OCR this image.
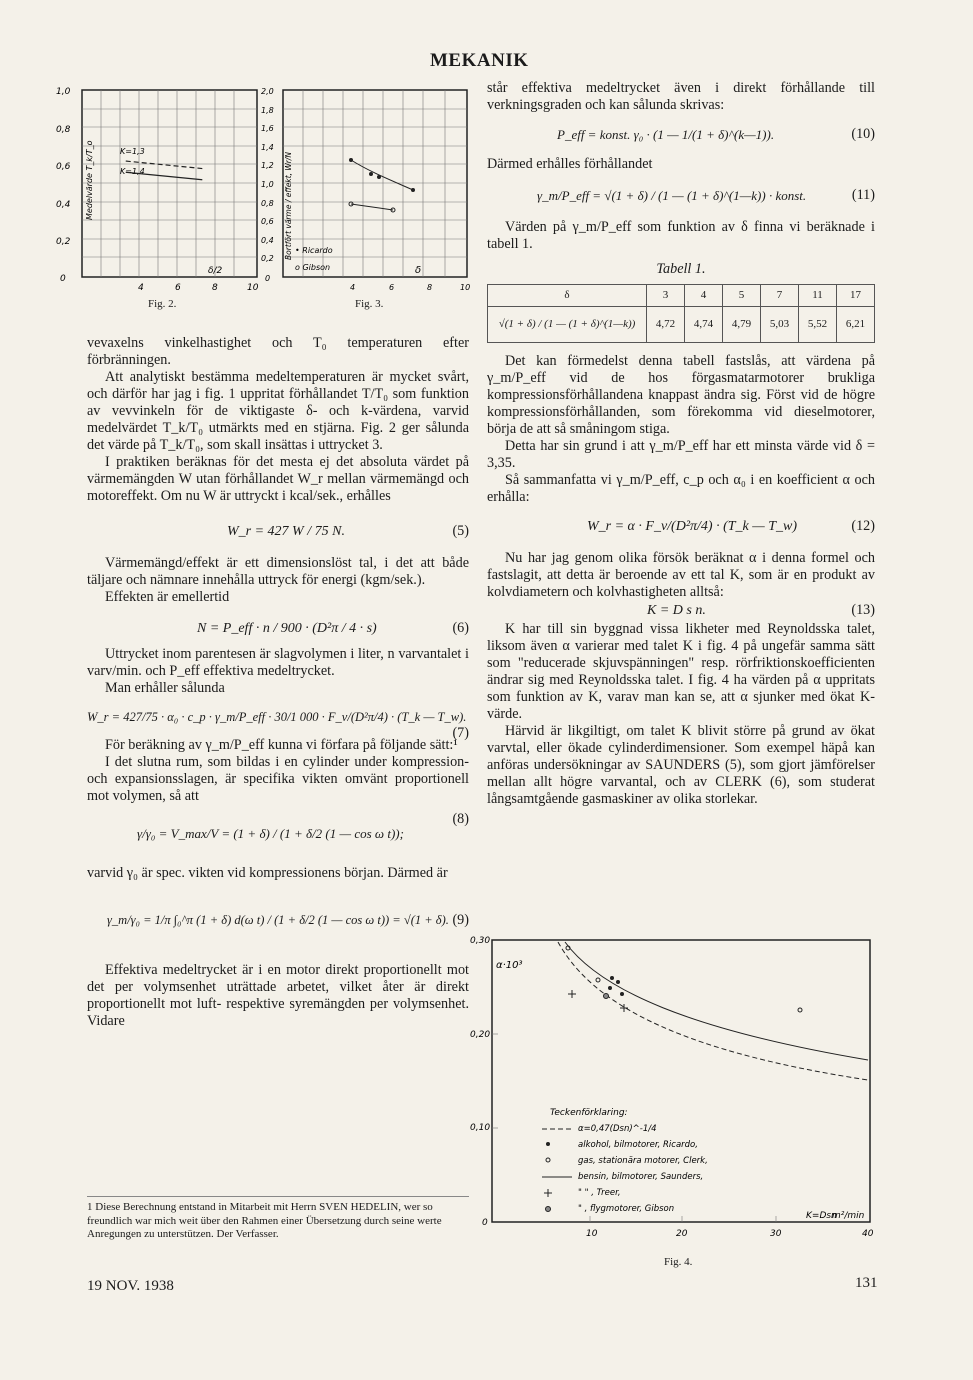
MEKANIK
1,0
0,8
0,6
0,4
0,2
0
4	6	8	10
δ/2
K=1,3
K=1,4
Medelvärde T_k/T_o
Fig. 2.
2,0
1,8
1,6
1,4
1,2
1,0
0,8
0,6
0,4
0,2
0
4	6	8	10
δ
• Ricardo
o Gibson
Bortfört värme / effekt, Wr/N
Fig. 3.

vevaxelns vinkelhastighet och T₀ temperaturen efter förbränningen.

Att analytiskt bestämma medeltemperaturen är mycket svårt, och därför har jag i fig. 1 uppritat förhållandet T/T₀ som funktion av vevvinkeln för de viktigaste δ- och k-värdena, varvid medelvärdet T_k/T₀ utmärkts med en stjärna. Fig. 2 ger sålunda det värde på T_k/T₀, som skall insättas i uttrycket 3.

I praktiken beräknas för det mesta ej det absoluta värdet på värmemängden W utan förhållandet W_r mellan värmemängd och motoreffekt. Om nu W är uttryckt i kcal/sek., erhålles

W_r = 427 W / 75 N.	(5)

Värmemängd/effekt är ett dimensionslöst tal, i det att både täljare och nämnare innehålla uttryck för energi (kgm/sek.).

Effekten är emellertid

N = P_eff · n / 900 · (D²π / 4 · s)	(6)

Uttrycket inom parentesen är slagvolymen i liter, n varvantalet i varv/min. och P_eff effektiva medeltrycket.

Man erhåller sålunda

W_r = 427/75 · α₀ · c_p · γ_m/P_eff · 30/1 000 · F_v/(D²π/4) · (T_k — T_w).
(7)

För beräkning av γ_m/P_eff kunna vi förfara på följande sätt:¹

I det slutna rum, som bildas i en cylinder under kompression- och expansionsslagen, är specifika vikten omvänt proportionell mot volymen, så att

γ/γ₀ = V_max/V = (1 + δ) / (1 + δ/2 (1 — cos ω t));
(8)

varvid γ₀ är spec. vikten vid kompressionens början. Därmed är

γ_m/γ₀ = 1/π ∫₀^π (1 + δ) d(ω t) / (1 + δ/2 (1 — cos ω t)) = √(1 + δ). (9)

Effektiva medeltrycket är i en motor direkt proportionellt mot det per volymsenhet uträttade arbetet, vilket åter är direkt proportionellt mot luft- respektive syremängden per volymsenhet. Vidare

1 Diese Berechnung entstand in Mitarbeit mit Herrn SVEN HEDELIN, wer so freundlich war mich weit über den Rahmen einer Übersetzung durch seine werte Anregungen zu unterstützen. Der Verfasser.

står effektiva medeltrycket även i direkt förhållande till verkningsgraden och kan sålunda skrivas:

P_eff = konst. γ₀ · (1 — 1/(1 + δ)^(k—1)).	(10)

Därmed erhålles förhållandet

γ_m/P_eff = √(1 + δ) / (1 — (1 + δ)^(1—k)) · konst.	(11)

Värden på γ_m/P_eff som funktion av δ finna vi beräknade i tabell 1.

Tabell 1.
δ	3	4	5	7	11	17
√(1 + δ) / (1 — (1 + δ)^(1—k))	4,72	4,74	4,79	5,03	5,52	6,21

Det kan förmedelst denna tabell fastslås, att värdena på γ_m/P_eff vid de hos förgasmatarmotorer brukliga kompressionsförhållandena knappast ändra sig. Först vid de högre kompressionsförhållanden, som förekomma vid dieselmotorer, börja de att så småningom stiga.

Detta har sin grund i att γ_m/P_eff har ett minsta värde vid δ = 3,35.

Så sammanfatta vi γ_m/P_eff, c_p och α₀ i en koefficient α och erhålla:

W_r = α · F_v/(D²π/4) · (T_k — T_w)	(12)

Nu har jag genom olika försök beräknat α i denna formel och fastslagit, att detta är beroende av ett tal K, som är en produkt av kolvdiametern och kolvhastigheten alltså:

K = D s n.	(13)

K har till sin byggnad vissa likheter med Reynoldsska talet, liksom även α varierar med talet K i fig. 4 på ungefär samma sätt som "reducerade skjuvspänningen" resp. rörfriktionskoefficienten ändrar sig med Reynoldsska talet. I fig. 4 ha värden på α uppritats som funktion av K, varav man kan se, att α sjunker med ökat K-värde.

Härvid är likgiltigt, om talet K blivit större på grund av ökat varvtal, eller ökade cylinderdimensioner. Som exempel häpå kan anföras undersökningar av SAUNDERS (5), som gjort jämförelser mellan allt högre varvantal, och av CLERK (6), som studerat långsamtgående gasmaskiner av olika storlekar.

0,30
0,20
0,10
0
10	20	30	40
α·10³
K=Dsn
m²/min
Teckenförklaring:
α=0,47(Dsn)^-1/4
alkohol, bilmotorer, Ricardo,
gas, stationära motorer, Clerk,
bensin, bilmotorer, Saunders,
" " , Treer,
" , flygmotorer, Gibson
Fig. 4.
19 NOV. 1938	131
